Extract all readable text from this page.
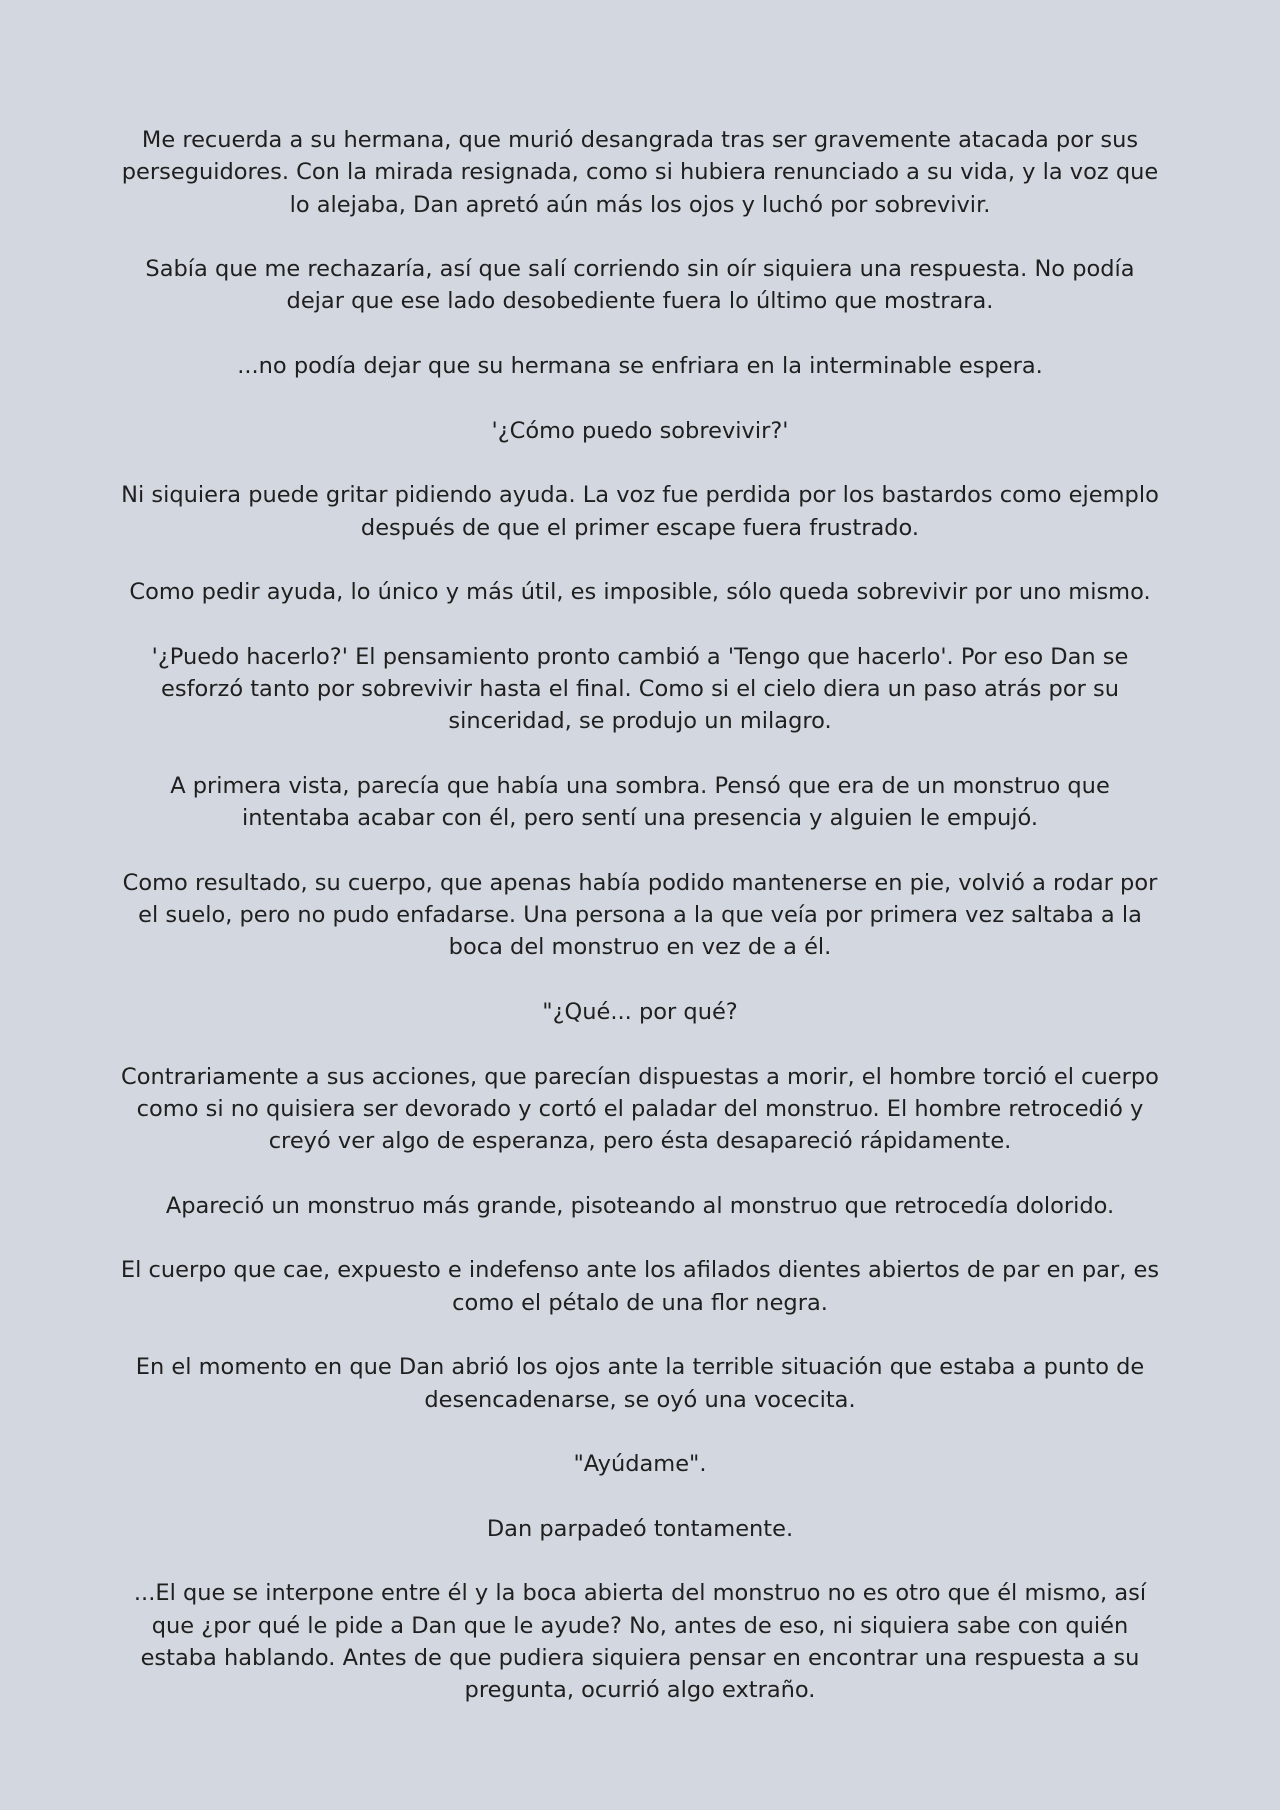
Me recuerda a su hermana, que murió desangrada tras ser gravemente atacada por sus perseguidores. Con la mirada resignada, como si hubiera renunciado a su vida, y la voz que lo alejaba, Dan apretó aún más los ojos y luchó por sobrevivir.

Sabía que me rechazaría, así que salí corriendo sin oír siquiera una respuesta. No podía dejar que ese lado desobediente fuera lo último que mostrara.

...no podía dejar que su hermana se enfriara en la interminable espera.

'¿Cómo puedo sobrevivir?'

Ni siquiera puede gritar pidiendo ayuda. La voz fue perdida por los bastardos como ejemplo después de que el primer escape fuera frustrado.

Como pedir ayuda, lo único y más útil, es imposible, sólo queda sobrevivir por uno mismo.

'¿Puedo hacerlo?' El pensamiento pronto cambió a 'Tengo que hacerlo'. Por eso Dan se esforzó tanto por sobrevivir hasta el final. Como si el cielo diera un paso atrás por su sinceridad, se produjo un milagro.

A primera vista, parecía que había una sombra. Pensó que era de un monstruo que intentaba acabar con él, pero sentí una presencia y alguien le empujó.

Como resultado, su cuerpo, que apenas había podido mantenerse en pie, volvió a rodar por el suelo, pero no pudo enfadarse. Una persona a la que veía por primera vez saltaba a la boca del monstruo en vez de a él.

"¿Qué... por qué?

Contrariamente a sus acciones, que parecían dispuestas a morir, el hombre torció el cuerpo como si no quisiera ser devorado y cortó el paladar del monstruo. El hombre retrocedió y creyó ver algo de esperanza, pero ésta desapareció rápidamente.

Apareció un monstruo más grande, pisoteando al monstruo que retrocedía dolorido.

El cuerpo que cae, expuesto e indefenso ante los afilados dientes abiertos de par en par, es como el pétalo de una flor negra.

En el momento en que Dan abrió los ojos ante la terrible situación que estaba a punto de desencadenarse, se oyó una vocecita.

"Ayúdame".

Dan parpadeó tontamente.

...El que se interpone entre él y la boca abierta del monstruo no es otro que él mismo, así que ¿por qué le pide a Dan que le ayude? No, antes de eso, ni siquiera sabe con quién estaba hablando. Antes de que pudiera siquiera pensar en encontrar una respuesta a su pregunta, ocurrió algo extraño.
